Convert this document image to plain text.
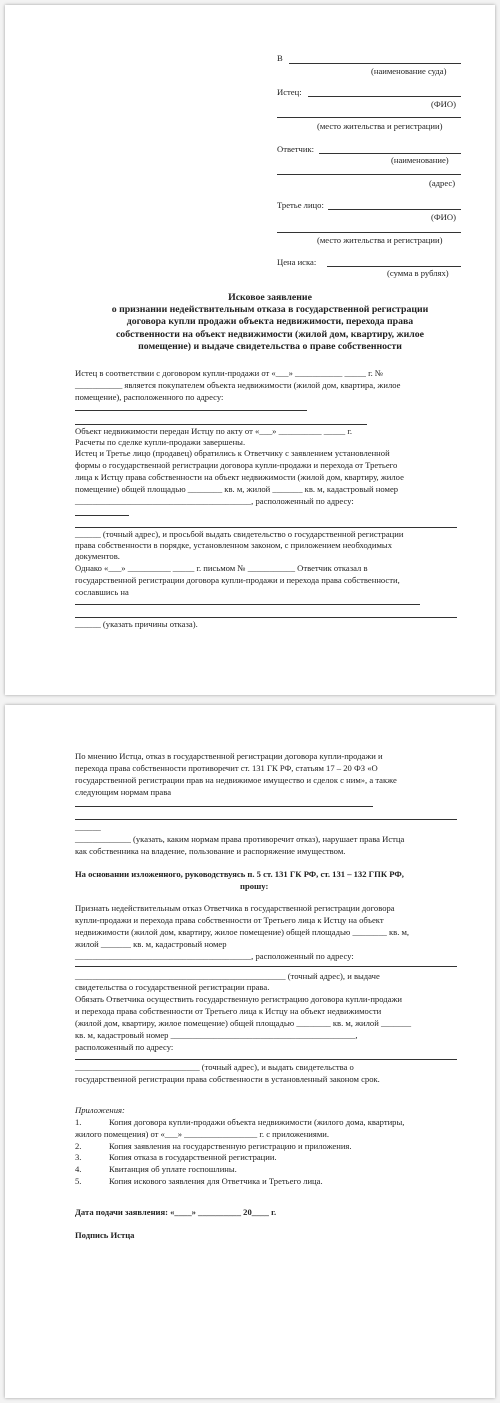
В
(наименование суда)
Истец:
(ФИО)
(место жительства и регистрации)
Ответчик:
(наименование)
(адрес)
Третье лицо:
(ФИО)
(место жительства и регистрации)
Цена иска:
(сумма в рублях)
Исковое заявление
о признании недействительным отказа в государственной регистрации
договора купли продажи объекта недвижимости, перехода права
собственности на объект недвижимости (жилой дом, квартиру, жилое
помещение) и выдаче свидетельства о праве собственности
Истец в соответствии с договором купли-продажи от «___» ___________ _____ г. №
___________ является покупателем объекта недвижимости (жилой дом, квартира, жилое
помещение), расположенного по адресу:
Объект недвижимости передан Истцу по акту от «___» __________ _____ г.
Расчеты по сделке купли-продажи завершены.
Истец и Третье лицо (продавец) обратились к Ответчику с заявлением установленной
формы о государственной регистрации договора купли-продажи и перехода от Третьего
лица к Истцу права собственности на объект недвижимости (жилой дом, квартиру, жилое
помещение) общей площадью ________ кв. м, жилой _______ кв. м, кадастровый номер
_________________________________________, расположенный по адресу:
______ (точный адрес), и просьбой выдать свидетельство о государственной регистрации
права собственности в порядке, установленном законом, с приложением необходимых
документов.
Однако «___» __________ _____ г. письмом № ___________ Ответчик отказал в
государственной регистрации договора купли-продажи и перехода права собственности,
сославшись на
______ (указать причины отказа).
По мнению Истца, отказ в государственной регистрации договора купли-продажи и
перехода права собственности противоречит ст. 131 ГК РФ, статьям 17 – 20 ФЗ «О
государственной регистрации прав на недвижимое имущество и сделок с ним», а также
следующим нормам права
______
_____________ (указать, каким нормам права противоречит отказ), нарушает права Истца
как собственника на владение, пользование и распоряжение имуществом.
На основании изложенного, руководствуясь п. 5 ст. 131 ГК РФ, ст. 131 – 132 ГПК РФ,
прошу:
Признать недействительным отказ Ответчика в государственной регистрации договора
купли-продажи и перехода права собственности от Третьего лица к Истцу на объект
недвижимости (жилой дом, квартиру, жилое помещение) общей площадью ________ кв. м,
жилой _______ кв. м, кадастровый номер
_________________________________________, расположенный по адресу:
_________________________________________________ (точный адрес), и выдаче
свидетельства о государственной регистрации права.
Обязать Ответчика осуществить государственную регистрацию договора купли-продажи
и перехода права собственности от Третьего лица к Истцу на объект недвижимости
(жилой дом, квартиру, жилое помещение) общей площадью ________ кв. м, жилой _______
кв. м, кадастровый номер ___________________________________________,
расположенный по адресу:
_____________________________ (точный адрес), и выдать свидетельства о
государственной регистрации права собственности в установленный законом срок.
Приложения:
1.	Копия договора купли-продажи объекта недвижимости (жилого дома, квартиры,
жилого помещения) от «___» _________________ г. с приложениями.
2.	Копия заявления на государственную регистрацию и приложения.
3.	Копия отказа в государственной регистрации.
4.	Квитанция об уплате госпошлины.
5.	Копия искового заявления для Ответчика и Третьего лица.
Дата подачи заявления: «____» __________ 20____ г.
Подпись Истца
